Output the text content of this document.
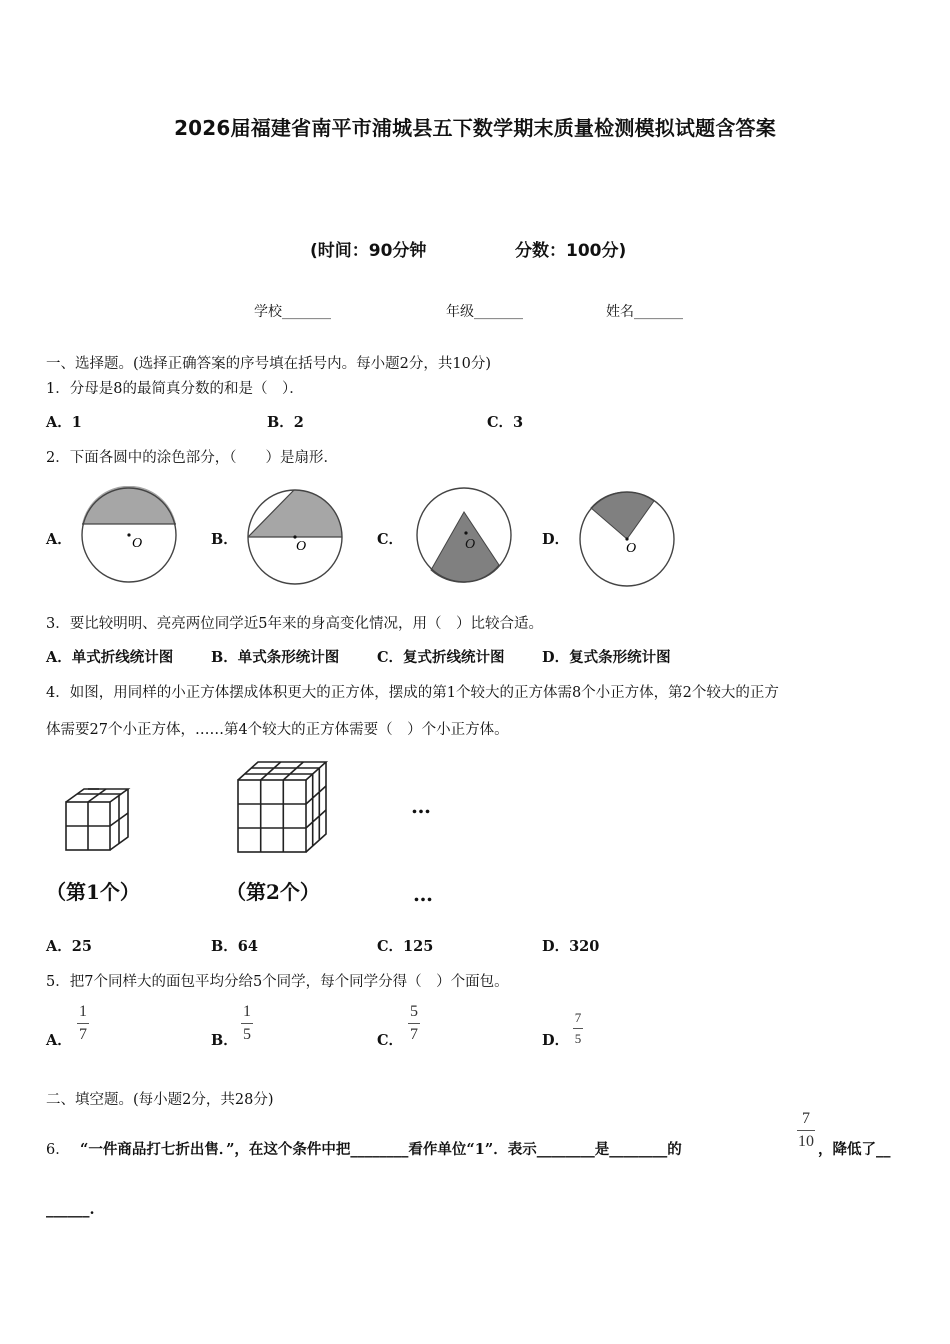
2026届福建省南平市浦城县五下数学期末质量检测模拟试题含答案
(时间：90分钟	分数：100分)
学校_______	年级_______	姓名_______
一、选择题。(选择正确答案的序号填在括号内。每小题2分，共10分)
1．分母是8的最简真分数的和是（　）．
A．1	B．2	C．3
2．下面各圆中的涂色部分，（　　）是扇形．
A．	O	B．	O	C．	O	D．
O
3．要比较明明、亮亮两位同学近5年来的身高变化情况，用（　）比较合适。
A．单式折线统计图	B．单式条形统计图	C．复式折线统计图	D．复式条形统计图
4．如图，用同样的小正方体摆成体积更大的正方体，摆成的第1个较大的正方体需8个小正方体，第2个较大的正方
体需要27个小正方体，……第4个较大的正方体需要（　）个小正方体。
（第1个）	（第2个）
…
…
A．25	B．64	C．125	D．320
5．把7个同样大的面包平均分给5个同学，每个同学分得（　）个面包。
A．
1
7	B．
1
5	C．
5
7	D．
7
5
二、填空题。(每小题2分，共28分)
6． “一件商品打七折出售．”，在这个条件中把________看作单位“1”．表示________是________的
7
10 ，降低了__
______.
